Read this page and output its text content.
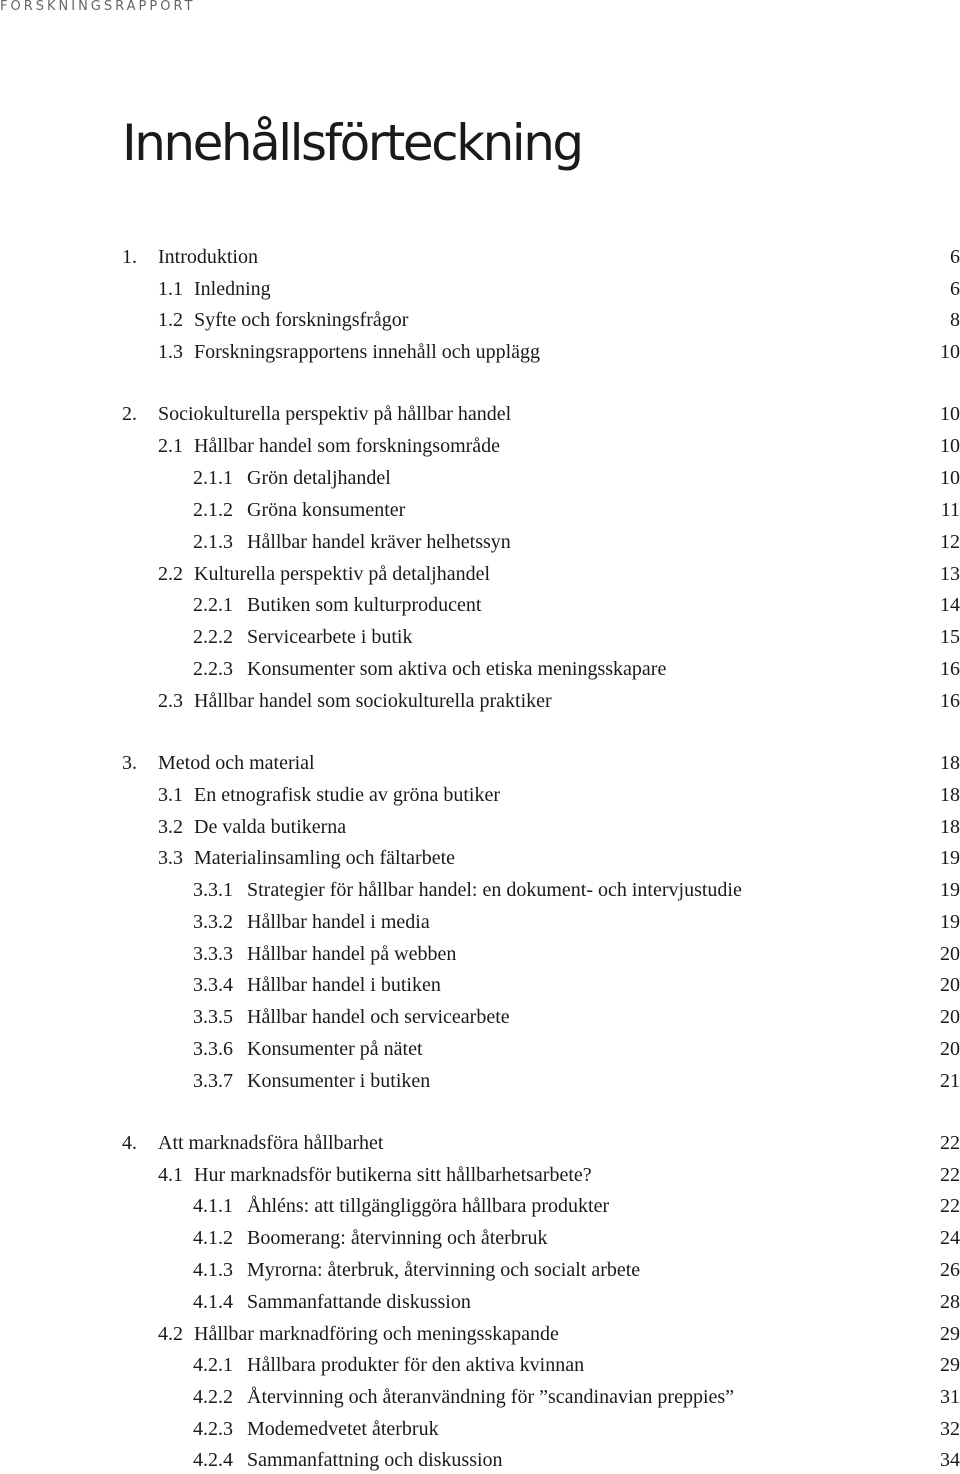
FORSKNINGSRAPPORT
Innehållsförteckning
1. Introduktion	6
1.1 Inledning	6
1.2 Syfte och forskningsfrågor	8
1.3 Forskningsrapportens innehåll och upplägg	10
2. Sociokulturella perspektiv på hållbar handel	10
2.1 Hållbar handel som forskningsområde	10
2.1.1 Grön detaljhandel	10
2.1.2 Gröna konsumenter	11
2.1.3 Hållbar handel kräver helhetssyn	12
2.2 Kulturella perspektiv på detaljhandel	13
2.2.1 Butiken som kulturproducent	14
2.2.2 Servicearbete i butik	15
2.2.3 Konsumenter som aktiva och etiska meningsskapare	16
2.3 Hållbar handel som sociokulturella praktiker	16
3. Metod och material	18
3.1 En etnografisk studie av gröna butiker	18
3.2 De valda butikerna	18
3.3 Materialinsamling och fältarbete	19
3.3.1 Strategier för hållbar handel: en dokument- och intervjustudie	19
3.3.2 Hållbar handel i media	19
3.3.3 Hållbar handel på webben	20
3.3.4 Hållbar handel i butiken	20
3.3.5 Hållbar handel och servicearbete	20
3.3.6 Konsumenter på nätet	20
3.3.7 Konsumenter i butiken	21
4. Att marknadsföra hållbarhet	22
4.1 Hur marknadsför butikerna sitt hållbarhetsarbete?	22
4.1.1 Åhléns: att tillgängliggöra hållbara produkter	22
4.1.2 Boomerang: återvinning och återbruk	24
4.1.3 Myrorna: återbruk, återvinning och socialt arbete	26
4.1.4 Sammanfattande diskussion	28
4.2 Hållbar marknadföring och meningsskapande	29
4.2.1 Hållbara produkter för den aktiva kvinnan	29
4.2.2 Återvinning och återanvändning för ”scandinavian preppies”	31
4.2.3 Modemedvetet återbruk	32
4.2.4 Sammanfattning och diskussion	34
